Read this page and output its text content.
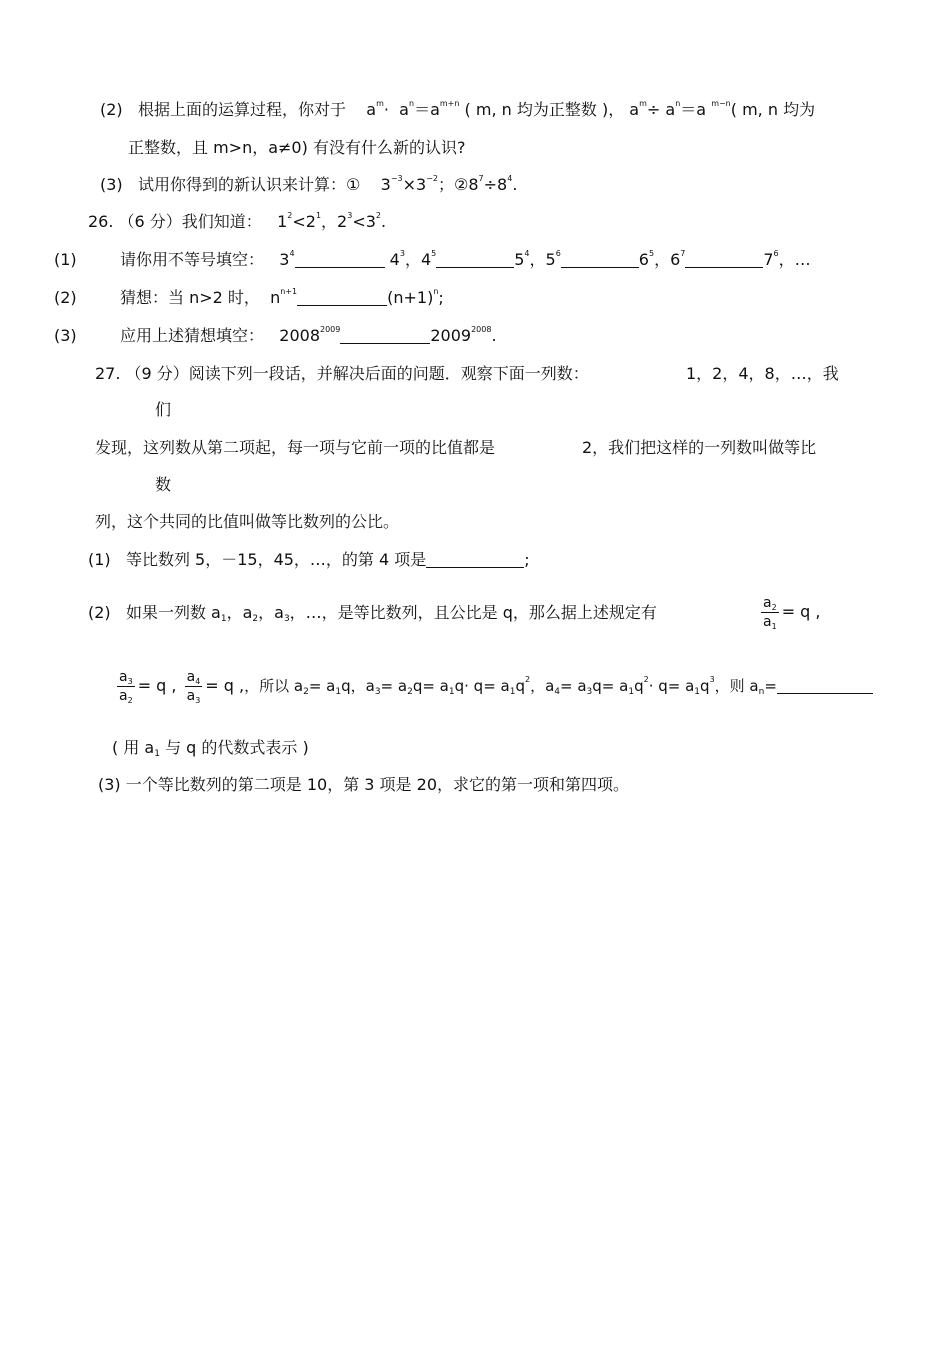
(2) 根据上面的运算过程，你对于 $a^m\cdot a^n=a^{m+n}$ ( m, n 均为正整数 )， $a^m\div a^n=a$ $^{m-n}$( m, n 均为
正整数，且 m>n，a≠0) 有没有什么新的认识?
(3) 试用你得到的新认识来计算：① $3^{-3}\times 3^{-2}$；$②8^7\div 8^4$.
26. （6 分）我们知道： $1^2<2^1$，$2^3<3^2$.
(1)	请你用不等号填空： $3^4$	$4^3$，$4^5$	$5^4$，$5^6$	$6^5$，$6^7$	$7^6$，…
(2)	猜想：当 n>2 时， $n^{n+1}$	$(n+1)^n$;
(3)	应用上述猜想填空： $2008^{2009}$	$2009^{2008}$.
27. （9 分）阅读下列一段话，并解决后面的问题．观察下面一列数：	1，2，4，8，…，我
们
发现，这列数从第二项起，每一项与它前一项的比值都是	2，我们把这样的一列数叫做等比
数
列，这个共同的比值叫做等比数列的公比。
(1) 等比数列 5，－15，45，…，的第 4 项是	;
(2) 如果一列数 $a_1$，$a_2$，$a_3$，…，是等比数列，且公比是 q，那么据上述规定有	$\frac{a_2}{a_1} = q$ ,
$\frac{a_3}{a_2} = q$ , $\frac{a_4}{a_3} = q$ ,，所以 $a_2= a_1q$，$a_3= a_2q= a_1q\cdot q= a_1q^2$，$a_4= a_3q= a_1q^2\cdot q= a_1q^3$，则 $a_n=$
( 用 $a_1$ 与 q 的代数式表示 )
(3) 一个等比数列的第二项是 10，第 3 项是 20，求它的第一项和第四项。
